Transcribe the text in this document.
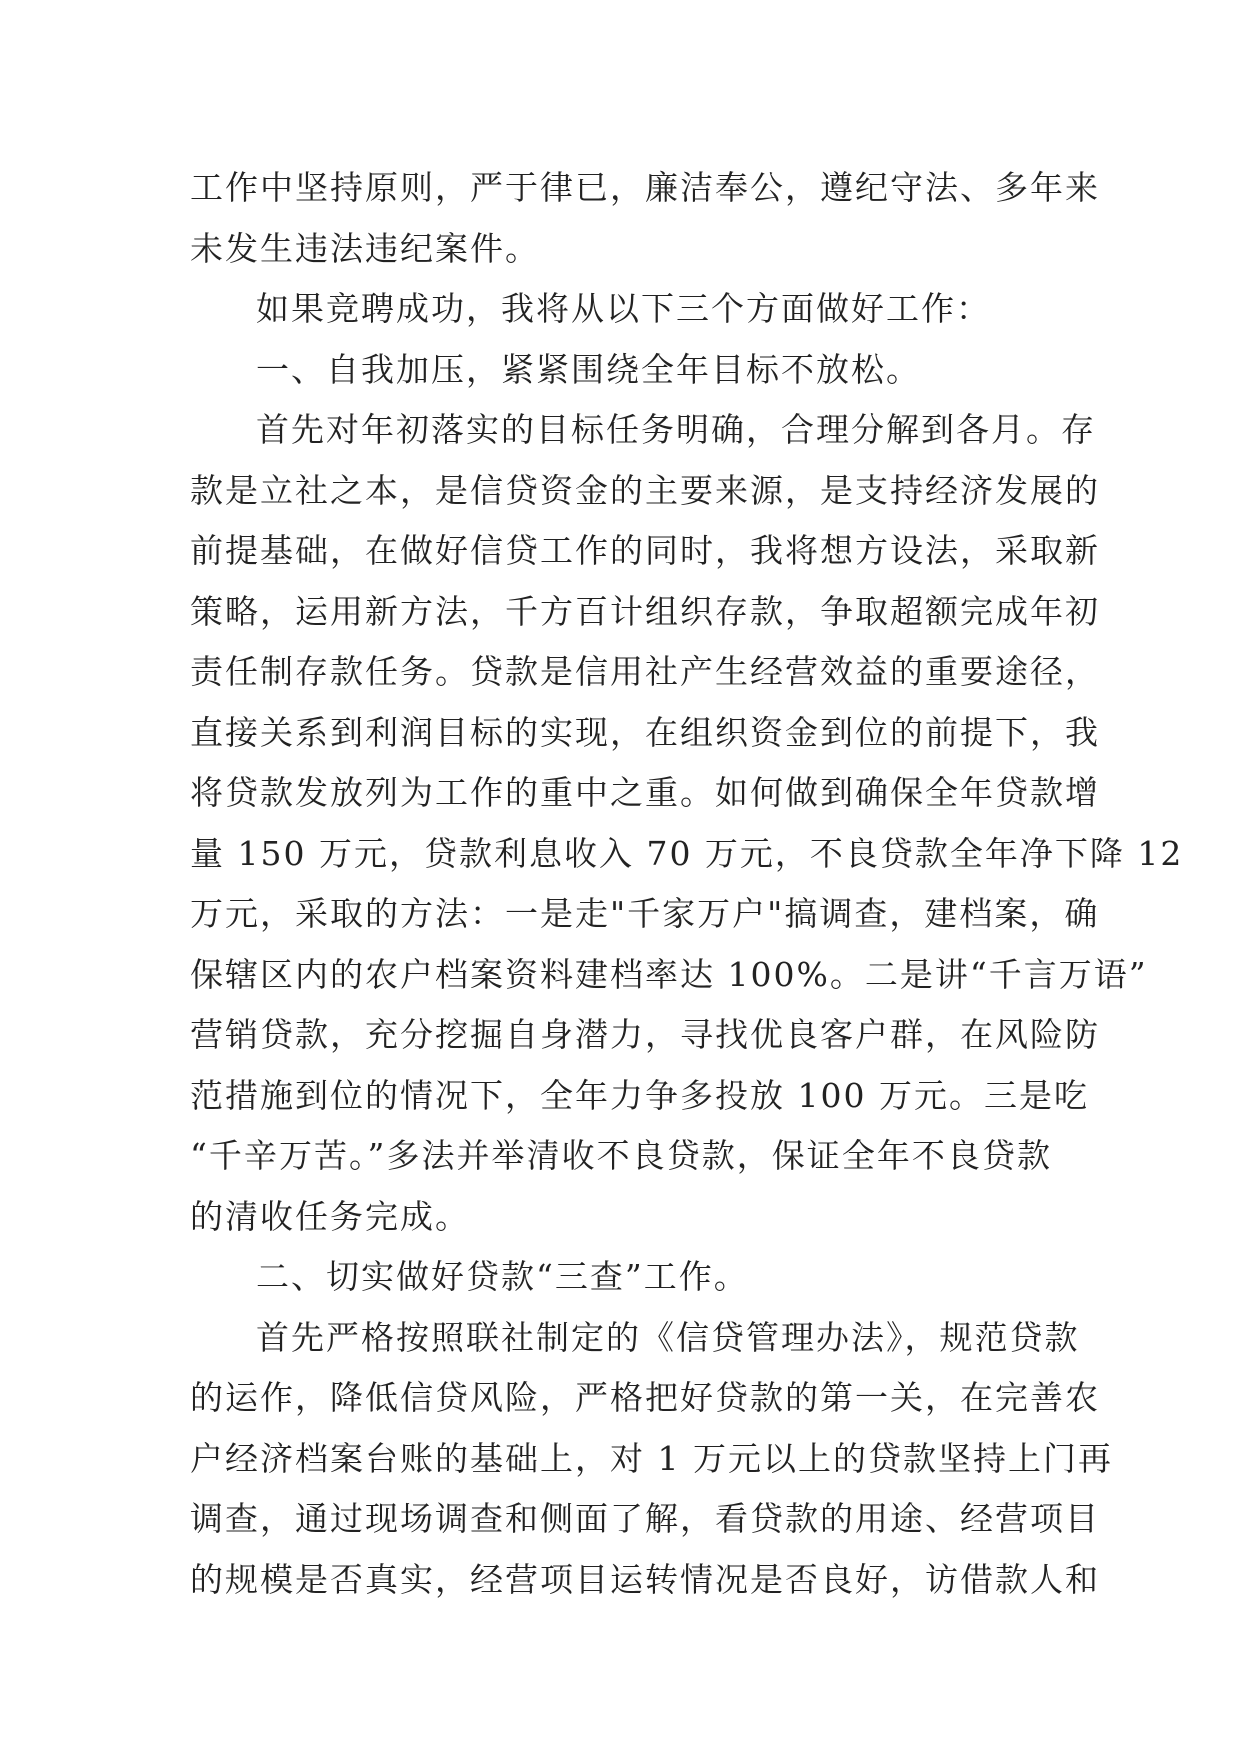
工作中坚持原则，严于律已，廉洁奉公，遵纪守法、多年来
未发生违法违纪案件。
如果竞聘成功，我将从以下三个方面做好工作：
一、自我加压，紧紧围绕全年目标不放松。
首先对年初落实的目标任务明确，合理分解到各月。存
款是立社之本，是信贷资金的主要来源，是支持经济发展的
前提基础，在做好信贷工作的同时，我将想方设法，采取新
策略，运用新方法，千方百计组织存款，争取超额完成年初
责任制存款任务。贷款是信用社产生经营效益的重要途径，
直接关系到利润目标的实现，在组织资金到位的前提下，我
将贷款发放列为工作的重中之重。如何做到确保全年贷款增
量 150 万元，贷款利息收入 70 万元，不良贷款全年净下降 12
万元，采取的方法：一是走"千家万户"搞调查，建档案，确
保辖区内的农户档案资料建档率达 100%。二是讲“千言万语”
营销贷款，充分挖掘自身潜力，寻找优良客户群，在风险防
范措施到位的情况下，全年力争多投放 100 万元。三是吃
“千辛万苦。”多法并举清收不良贷款，保证全年不良贷款
的清收任务完成。
二、切实做好贷款“三查”工作。
首先严格按照联社制定的《信贷管理办法》，规范贷款
的运作，降低信贷风险，严格把好贷款的第一关，在完善农
户经济档案台账的基础上，对 1 万元以上的贷款坚持上门再
调查，通过现场调查和侧面了解，看贷款的用途、经营项目
的规模是否真实，经营项目运转情况是否良好，访借款人和
